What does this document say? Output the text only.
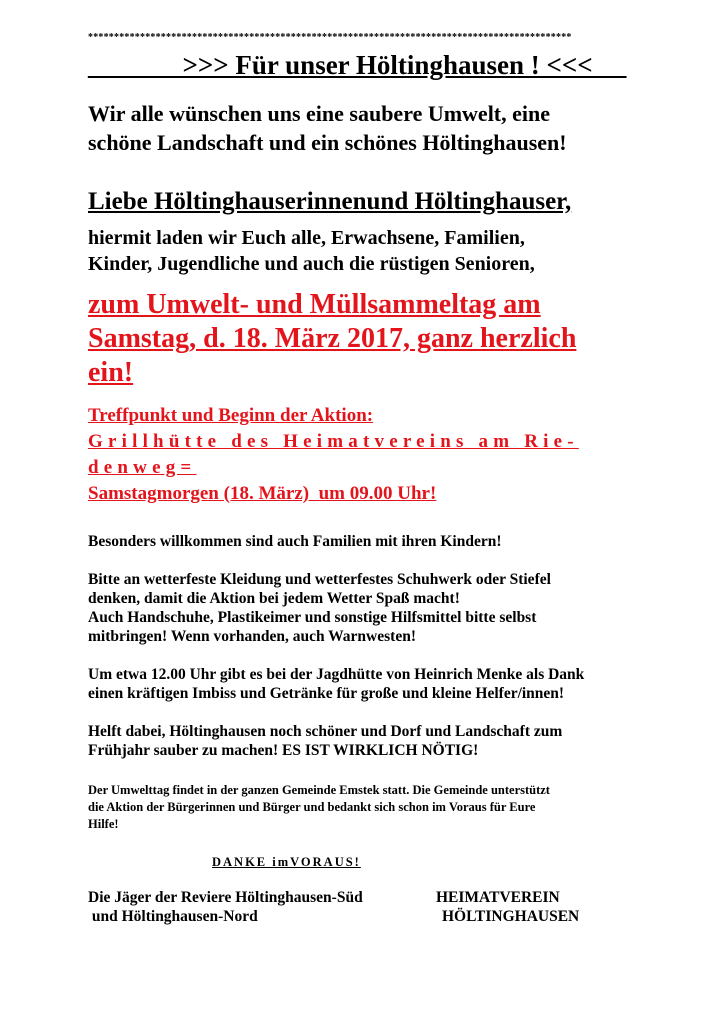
*********************************************************************************************
_______>>> Für unser Höltinghausen ! <<<_ _
Wir alle wünschen uns eine saubere Umwelt, eine
schöne Landschaft und ein schönes Höltinghausen!
Liebe Höltinghauserinnenund Höltinghauser,
hiermit laden wir Euch alle, Erwachsene, Familien,
Kinder, Jugendliche und auch die rüstigen Senioren,
zum Umwelt- und Müllsammeltag am
Samstag, d. 18. März 2017, ganz herzlich
ein!
Treffpunkt und Beginn der Aktion:
Grillhütte des Heimatvereins am Rie-
denweg=
Samstagmorgen (18. März)  um 09.00 Uhr!
Besonders willkommen sind auch Familien mit ihren Kindern!
Bitte an wetterfeste Kleidung und wetterfestes Schuhwerk oder Stiefel
denken, damit die Aktion bei jedem Wetter Spaß macht!
Auch Handschuhe, Plastikeimer und sonstige Hilfsmittel bitte selbst
mitbringen! Wenn vorhanden, auch Warnwesten!
Um etwa 12.00 Uhr gibt es bei der Jagdhütte von Heinrich Menke als Dank
einen kräftigen Imbiss und Getränke für große und kleine Helfer/innen!
Helft dabei, Höltinghausen noch schöner und Dorf und Landschaft zum
Frühjahr sauber zu machen! ES IST WIRKLICH NÖTIG!
Der Umwelttag findet in der ganzen Gemeinde Emstek statt. Die Gemeinde unterstützt
die Aktion der Bürgerinnen und Bürger und bedankt sich schon im Voraus für Eure
Hilfe!
DANKE imVORAUS!
Die Jäger der Reviere Höltinghausen-Süd
und Höltinghausen-Nord
HEIMATVEREIN
HÖLTINGHAUSEN
